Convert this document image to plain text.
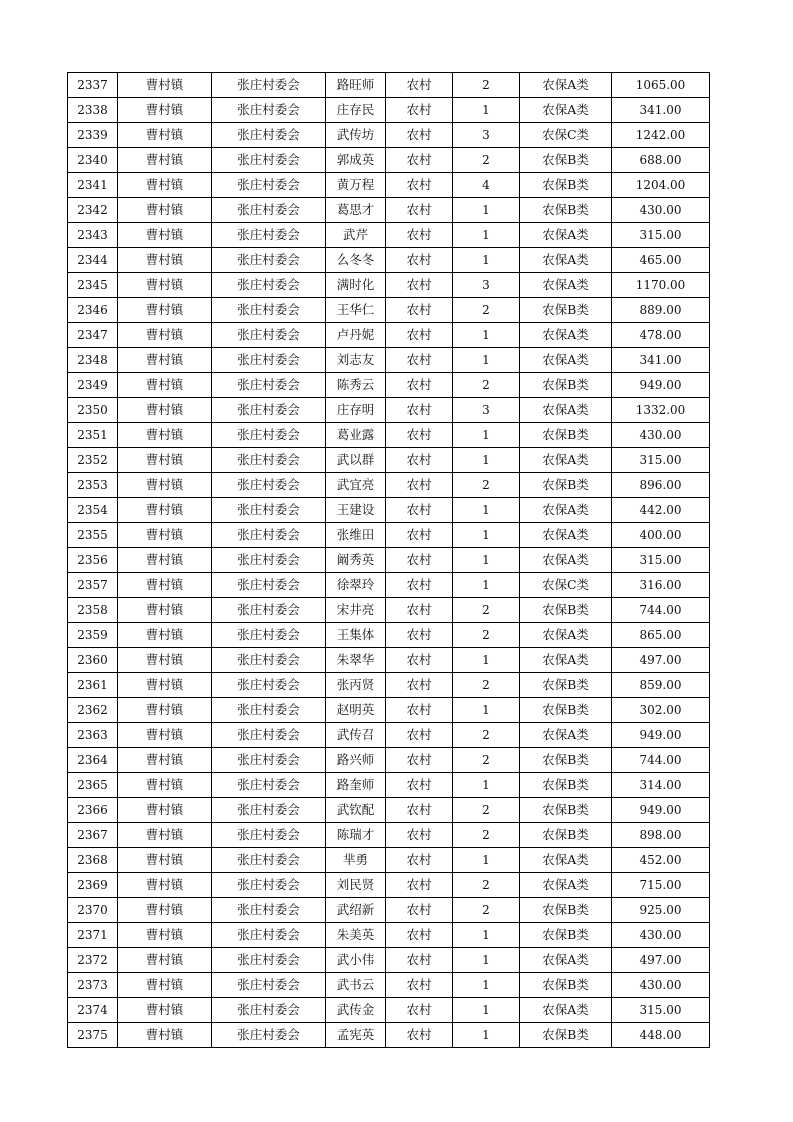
2337	曹村镇	张庄村委会	路旺师	农村	2	农保A类	1065.00
2338	曹村镇	张庄村委会	庄存民	农村	1	农保A类	341.00
2339	曹村镇	张庄村委会	武传坊	农村	3	农保C类	1242.00
2340	曹村镇	张庄村委会	郭成英	农村	2	农保B类	688.00
2341	曹村镇	张庄村委会	黄万程	农村	4	农保B类	1204.00
2342	曹村镇	张庄村委会	葛思才	农村	1	农保B类	430.00
2343	曹村镇	张庄村委会	武芹	农村	1	农保A类	315.00
2344	曹村镇	张庄村委会	么冬冬	农村	1	农保A类	465.00
2345	曹村镇	张庄村委会	满时化	农村	3	农保A类	1170.00
2346	曹村镇	张庄村委会	王华仁	农村	2	农保B类	889.00
2347	曹村镇	张庄村委会	卢丹妮	农村	1	农保A类	478.00
2348	曹村镇	张庄村委会	刘志友	农村	1	农保A类	341.00
2349	曹村镇	张庄村委会	陈秀云	农村	2	农保B类	949.00
2350	曹村镇	张庄村委会	庄存明	农村	3	农保A类	1332.00
2351	曹村镇	张庄村委会	葛业露	农村	1	农保B类	430.00
2352	曹村镇	张庄村委会	武以群	农村	1	农保A类	315.00
2353	曹村镇	张庄村委会	武宜亮	农村	2	农保B类	896.00
2354	曹村镇	张庄村委会	王建设	农村	1	农保A类	442.00
2355	曹村镇	张庄村委会	张维田	农村	1	农保A类	400.00
2356	曹村镇	张庄村委会	阚秀英	农村	1	农保A类	315.00
2357	曹村镇	张庄村委会	徐翠玲	农村	1	农保C类	316.00
2358	曹村镇	张庄村委会	宋井亮	农村	2	农保B类	744.00
2359	曹村镇	张庄村委会	王集体	农村	2	农保A类	865.00
2360	曹村镇	张庄村委会	朱翠华	农村	1	农保A类	497.00
2361	曹村镇	张庄村委会	张丙贤	农村	2	农保B类	859.00
2362	曹村镇	张庄村委会	赵明英	农村	1	农保B类	302.00
2363	曹村镇	张庄村委会	武传召	农村	2	农保A类	949.00
2364	曹村镇	张庄村委会	路兴师	农村	2	农保B类	744.00
2365	曹村镇	张庄村委会	路奎师	农村	1	农保B类	314.00
2366	曹村镇	张庄村委会	武钦配	农村	2	农保B类	949.00
2367	曹村镇	张庄村委会	陈瑞才	农村	2	农保B类	898.00
2368	曹村镇	张庄村委会	芈勇	农村	1	农保A类	452.00
2369	曹村镇	张庄村委会	刘民贤	农村	2	农保A类	715.00
2370	曹村镇	张庄村委会	武绍新	农村	2	农保B类	925.00
2371	曹村镇	张庄村委会	朱美英	农村	1	农保B类	430.00
2372	曹村镇	张庄村委会	武小伟	农村	1	农保A类	497.00
2373	曹村镇	张庄村委会	武书云	农村	1	农保B类	430.00
2374	曹村镇	张庄村委会	武传金	农村	1	农保A类	315.00
2375	曹村镇	张庄村委会	孟宪英	农村	1	农保B类	448.00
